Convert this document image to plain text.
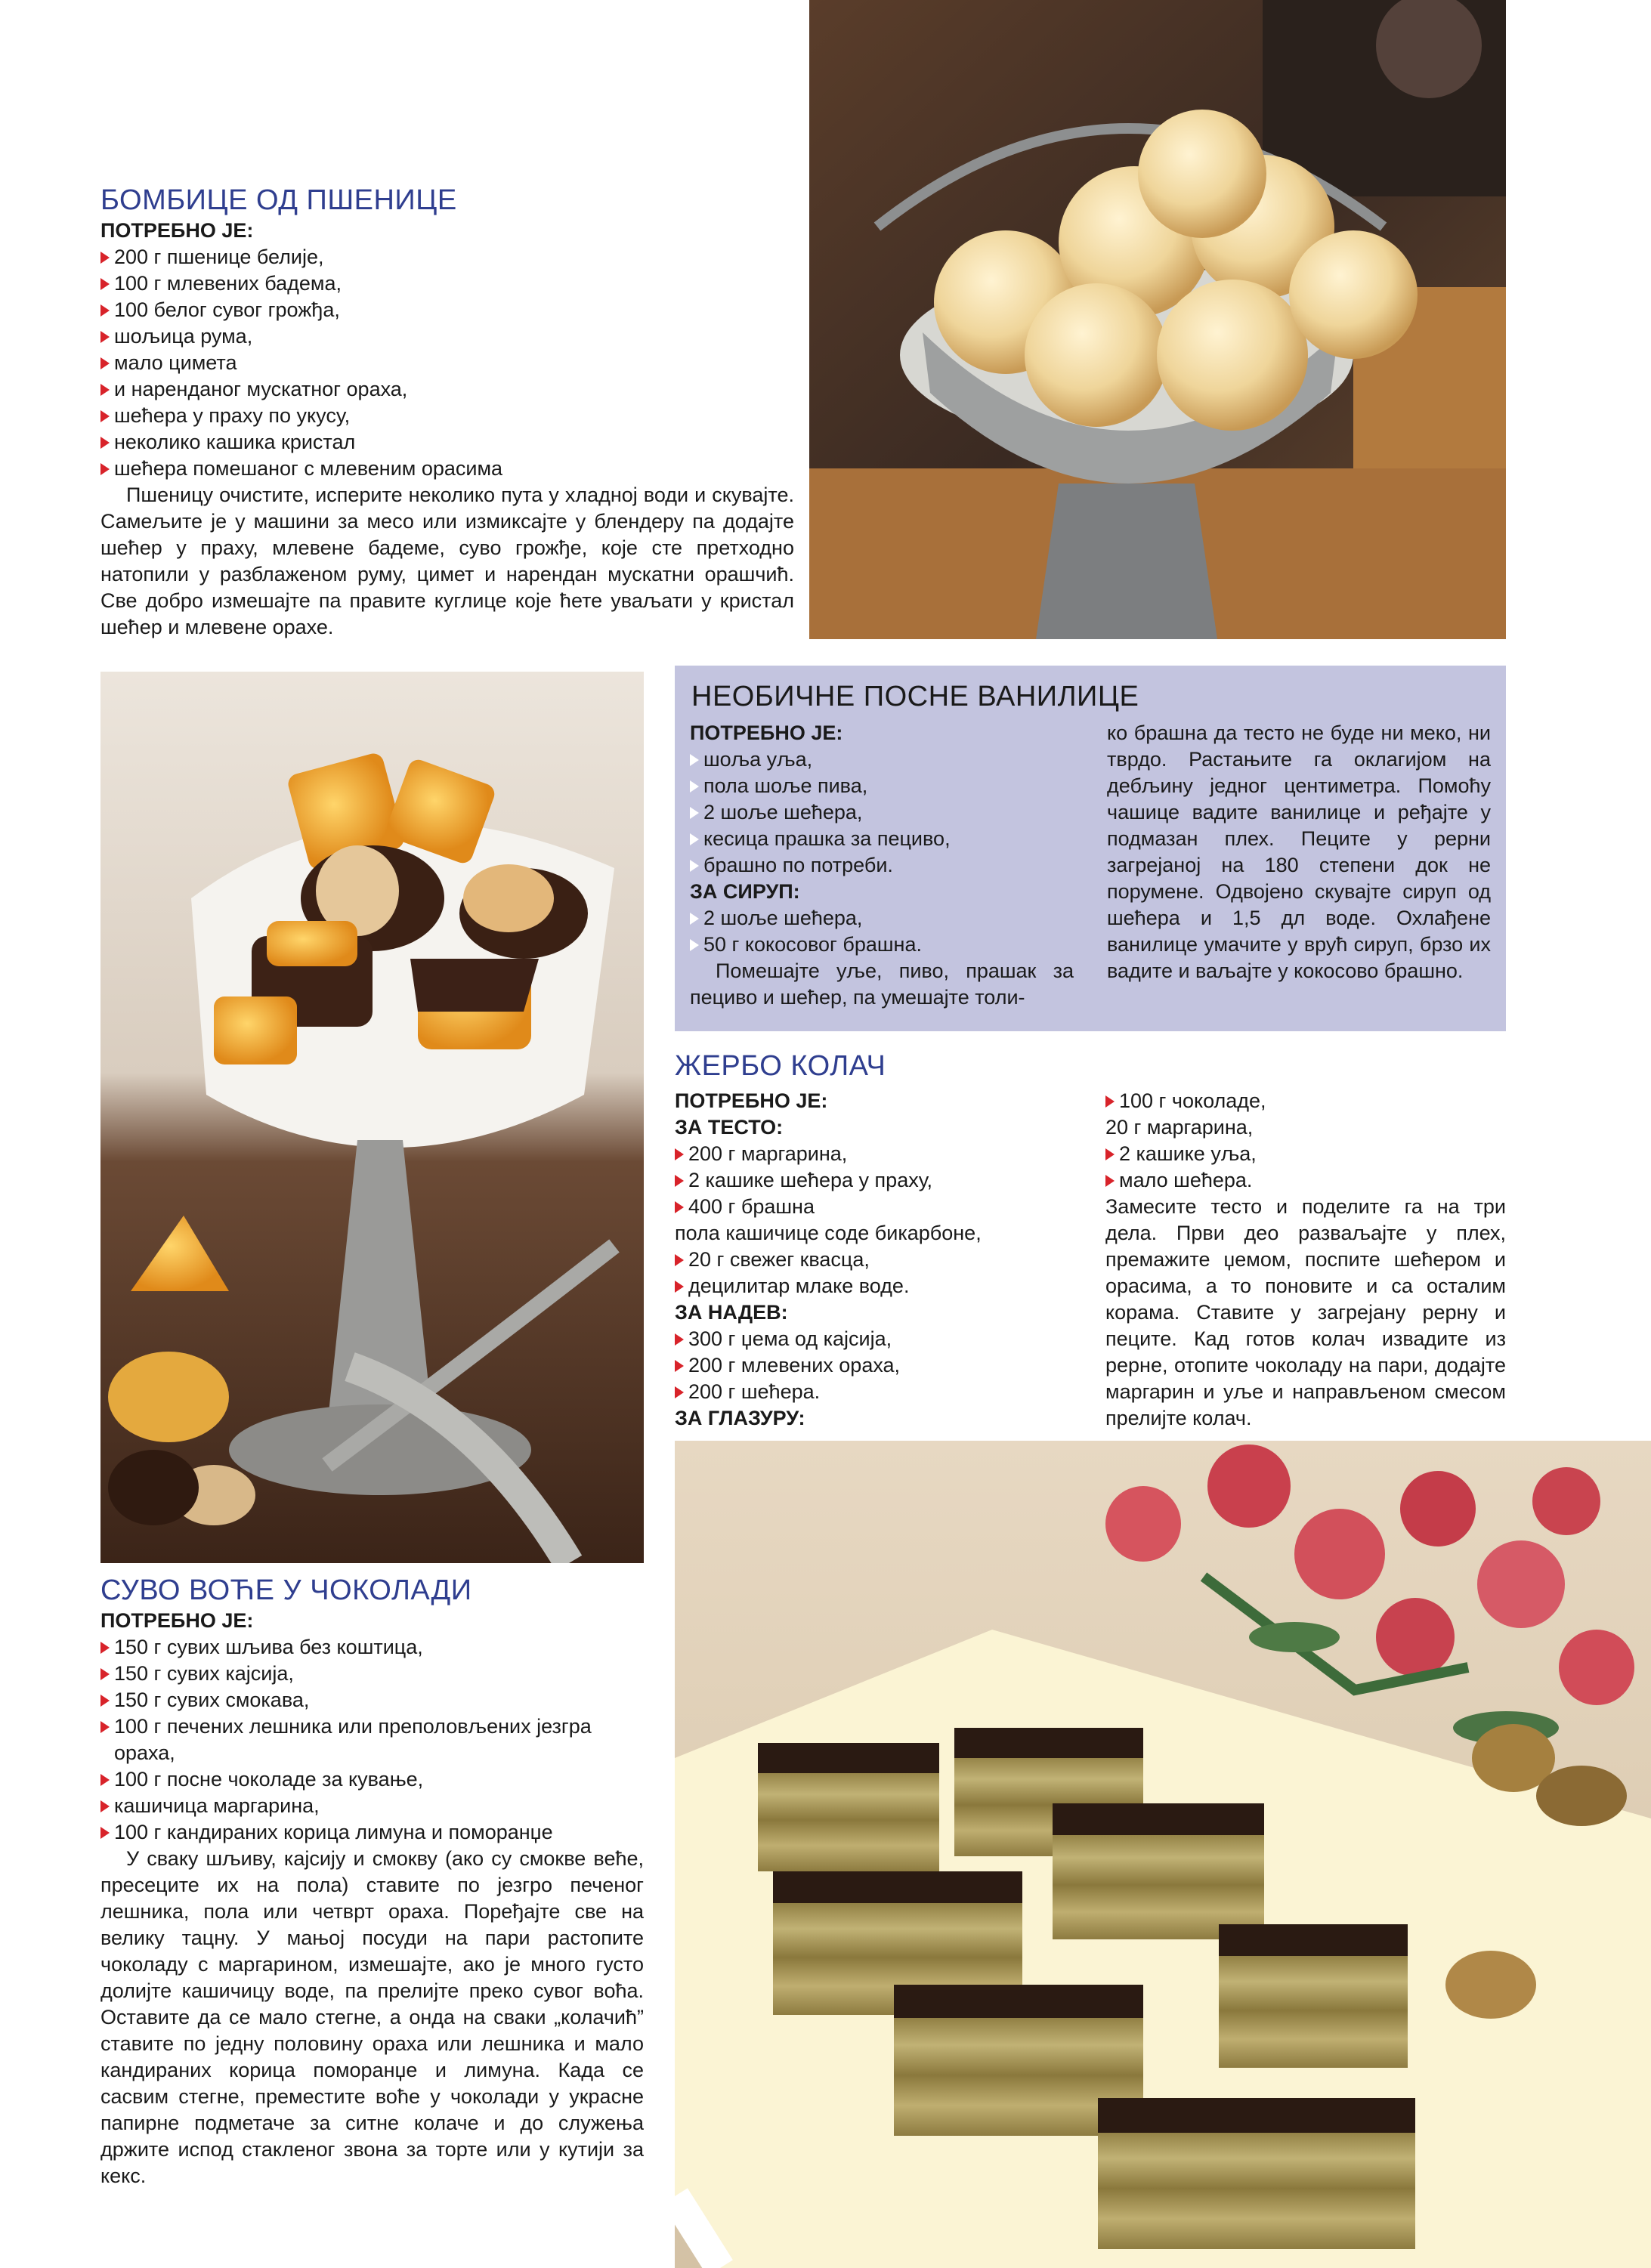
БОМБИЦЕ ОД ПШЕНИЦЕ

ПОТРЕБНО ЈЕ:

200 г пшенице белије,
100 г млевених бадема,
100 белог сувог грожђа,
шољица рума,
мало цимета
и нарендaног мускатног ораха,
шећера у праху по укусу,
неколико кашика кристал
шећера помешаног с млевеним орасима

Пшеницу очистите, исперите неколико пута у хладној води и скувајте. Самељите је у машини за месо или измиксајте у блендеру па додајте шећер у праху, млевене бадеме, суво грожђе, које сте претходно натопили у разблаженом руму, цимет и нарендан мускатни орашчић. Све добро измешајте па правите куглице које ћете уваљати у кристал шећер и млевене орахе.

НЕОБИЧНЕ ПОСНЕ ВАНИЛИЦЕ

ПОТРЕБНО ЈЕ:

шоља уља,
пола шоље пива,
2 шоље шећера,
кесица прашка за пециво,
брашно по потреби.

ЗА СИРУП:

2 шоље шећера,
50 г кокосовог брашна.

Помешајте уље, пиво, прашак за пециво и шећер, па умешајте толи-

ко брашна да тесто не буде ни меко, ни тврдо. Растањите га оклагијом на дебљину једног центиметра. Помоћу чашице вадите ванилице и ређајте у подмазан плех. Пеците у рерни загрејаној на 180 степени док не порумене. Одвојено скувајте сируп од шећера и 1,5 дл воде. Охлађене ванилице умачите у врућ сируп, брзо их вадите и ваљајте у кокосово брашно.

ЖЕРБО КОЛАЧ

ПОТРЕБНО ЈЕ:

ЗА ТЕСТО:

200 г маргарина,
2 кашике шећера у праху,
400 г брашна
пола кашичице соде бикарбоне,
20 г свежег квасца,
децилитар млаке воде.

ЗА НАДЕВ:

300 г џема од кајсија,
200 г млевених ораха,
200 г шећера.

ЗА ГЛАЗУРУ:

100 г чоколаде,
20 г маргарина,
2 кашике уља,
мало шећера.

Замесите тесто и поделите га на три дела. Први део развaљајте у плех, премажите џемом, поспите шећером и орасима, а то поновите и са осталим корама. Ставите у загрејану рерну и пеците. Кад готов колач извадите из рерне, отопите чоколаду на пари, додајте маргарин и уље и направљеном смесом прелијте колач.

СУВО ВОЋЕ У ЧОКОЛАДИ

ПОТРЕБНО ЈЕ:

150 г сувих шљива без коштица,
150 г сувих кајсија,
150 г сувих смокава,
100 г печених лешника или преполовљених језгра
ораха,
100 г посне чоколаде за кување,
кашичица маргарина,
100 г кандираних корица лимуна и поморанџе

У сваку шљиву, кајсију и смокву (ако су смокве веће, пресеците их на пола) ставите по језгро печеног лешника, пола или четврт ораха. Поређајте све на велику тацну. У мањој посуди на пари растопите чоколаду с маргарином, измешајте, ако је много густо долијте кашичицу воде, па прелијте преко сувог воћа. Оставите да се мало стегне, а онда на сваки „колачић” ставите по једну половину ораха или лешника и мало кандираних корица поморанџе и лимуна. Када се сасвим стегне, преместите воће у чоколади у украсне папирне подметаче за ситне колаче и до служења држите испод стакленог звона за торте или у кутији за кекс.
